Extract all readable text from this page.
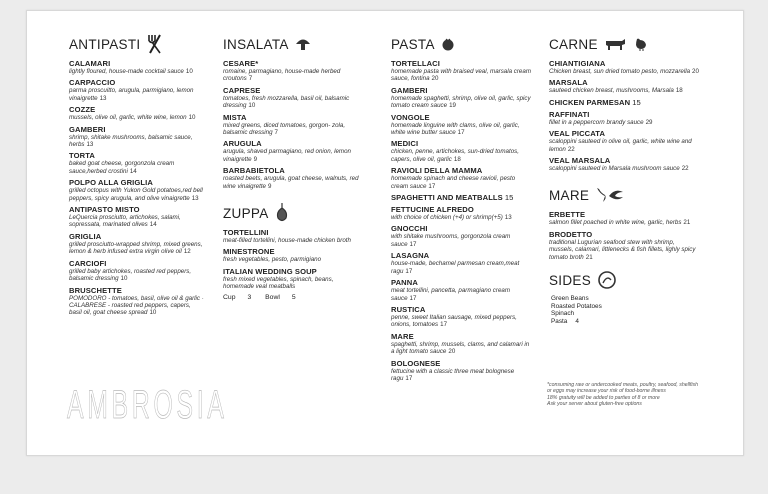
ANTIPASTI
CALAMARI
lightly floured, house-made cocktail sauce 10
CARPACCIO
parma proscuitto, arugula, parmigiano, lemon vinaigrette 13
COZZE
mussels, olive oil, garlic, white wine, lemon 10
GAMBERI
shrimp, shitake mushrooms, balsamic sauce, herbs 13
TORTA
baked goat cheese, gorgonzola cream sauce,herbed crostini 14
POLPO ALLA GRIGLIA
grilled octopus with Yukon Gold potatoes,red bell peppers, spicy arugula, and olive vinaigrette 13
ANTIPASTO MISTO
LeQuercia prosciutto, artichokes, salami, sopressata, marinated olives 14
GRIGLIA
grilled prosciutto-wrapped shrimp, mixed greens, lemon & herb infused extra virgin olive oil 12
CARCIOFI
grilled baby artichokes, roasted red peppers, balsamic dressing 10
BRUSCHETTE
POMODORO - tomatoes, basil, olive oil & garlic · CALABRESE - roasted red peppers, capers, basil oil, goat cheese spread 10
INSALATA
CESARE*
romaine, parmagiano, house-made herbed croutons 7
CAPRESE
tomatoes, fresh mozzarella, basil oil, balsamic dressing 10
MISTA
mixed greens, diced tomatoes, gorgon- zola, balsamic dressing 7
ARUGULA
arugula, shaved parmagiano, red onion, lemon vinaigrette 9
BARBABIETOLA
roasted beets, arugula, goat cheese, walnuts, red wine vinaigrette 9
ZUPPA
TORTELLINI
meat-filled tortellini, house-made chicken broth
MINESTRONE
fresh vegetables, pesto, parmigiano
ITALIAN WEDDING SOUP
fresh mixed vegetables, spinach, beans, homemade veal meatballs
Cup 3 Bowl 5
PASTA
TORTELLACI
homemade pasta with braised veal, marsala cream sauce, fontina 20
GAMBERI
homemade spaghetti, shrimp, olive oil, garlic, spicy tomato cream sauce 19
VONGOLE
homemade linguine with clams, olive oil, garlic, white wine butter sauce 17
MEDICI
chicken, penne, artichokes, sun-dried tomatos, capers, olive oil, garlic 18
RAVIOLI DELLA MAMMA
homemade spinach and cheese ravioli, pesto cream sauce 17
SPAGHETTI AND MEATBALLS 15
FETTUCINE ALFREDO
with choice of chicken (+4) or shrimp(+5) 13
GNOCCHI
with shitake mushrooms, gorgonzola cream sauce 17
LASAGNA
house-made, bechamel parmesan cream,meat ragu 17
PANNA
meat tortellini, pancetta, parmagiano cream sauce 17
RUSTICA
penne, sweet Italian sausage, mixed peppers, onions, tomatoes 17
MARE
spaghetti, shrimp, mussels, clams, and calamari in a light tomato sauce 20
BOLOGNESE
fettucine with a classic three meat bolognese ragu 17
CARNE
CHIANTIGIANA
Chicken breast, sun dried tomato pesto, mozzarella 20
MARSALA
sauteed chicken breast, mushrooms, Marsala 18
CHICKEN PARMESAN 15
RAFFINATI
fillet in a peppercorn brandy sauce 29
VEAL PICCATA
scaloppini sauteed in olive oil, garlic, white wine and lemon 22
VEAL MARSALA
scaloppini sauteed in Marsala mushroom sauce 22
MARE
ERBETTE
salmon fillet poached in white wine, garlic, herbs 21
BRODETTO
traditional Lugurian seafood stew with shrimp, mussels, calamari, littlenecks & fish fillets, lighly spicy tomato broth 21
SIDES
Green Beans
Roasted Potatoes
Spinach
Pasta 4
*consuming raw or undercooked meats, poultry, seafood, shellfish or eggs may increase your risk of food-borne illness
18% gratuity will be added to parties of 8 or more
Ask your server about gluten-free options
AMBROSIA
